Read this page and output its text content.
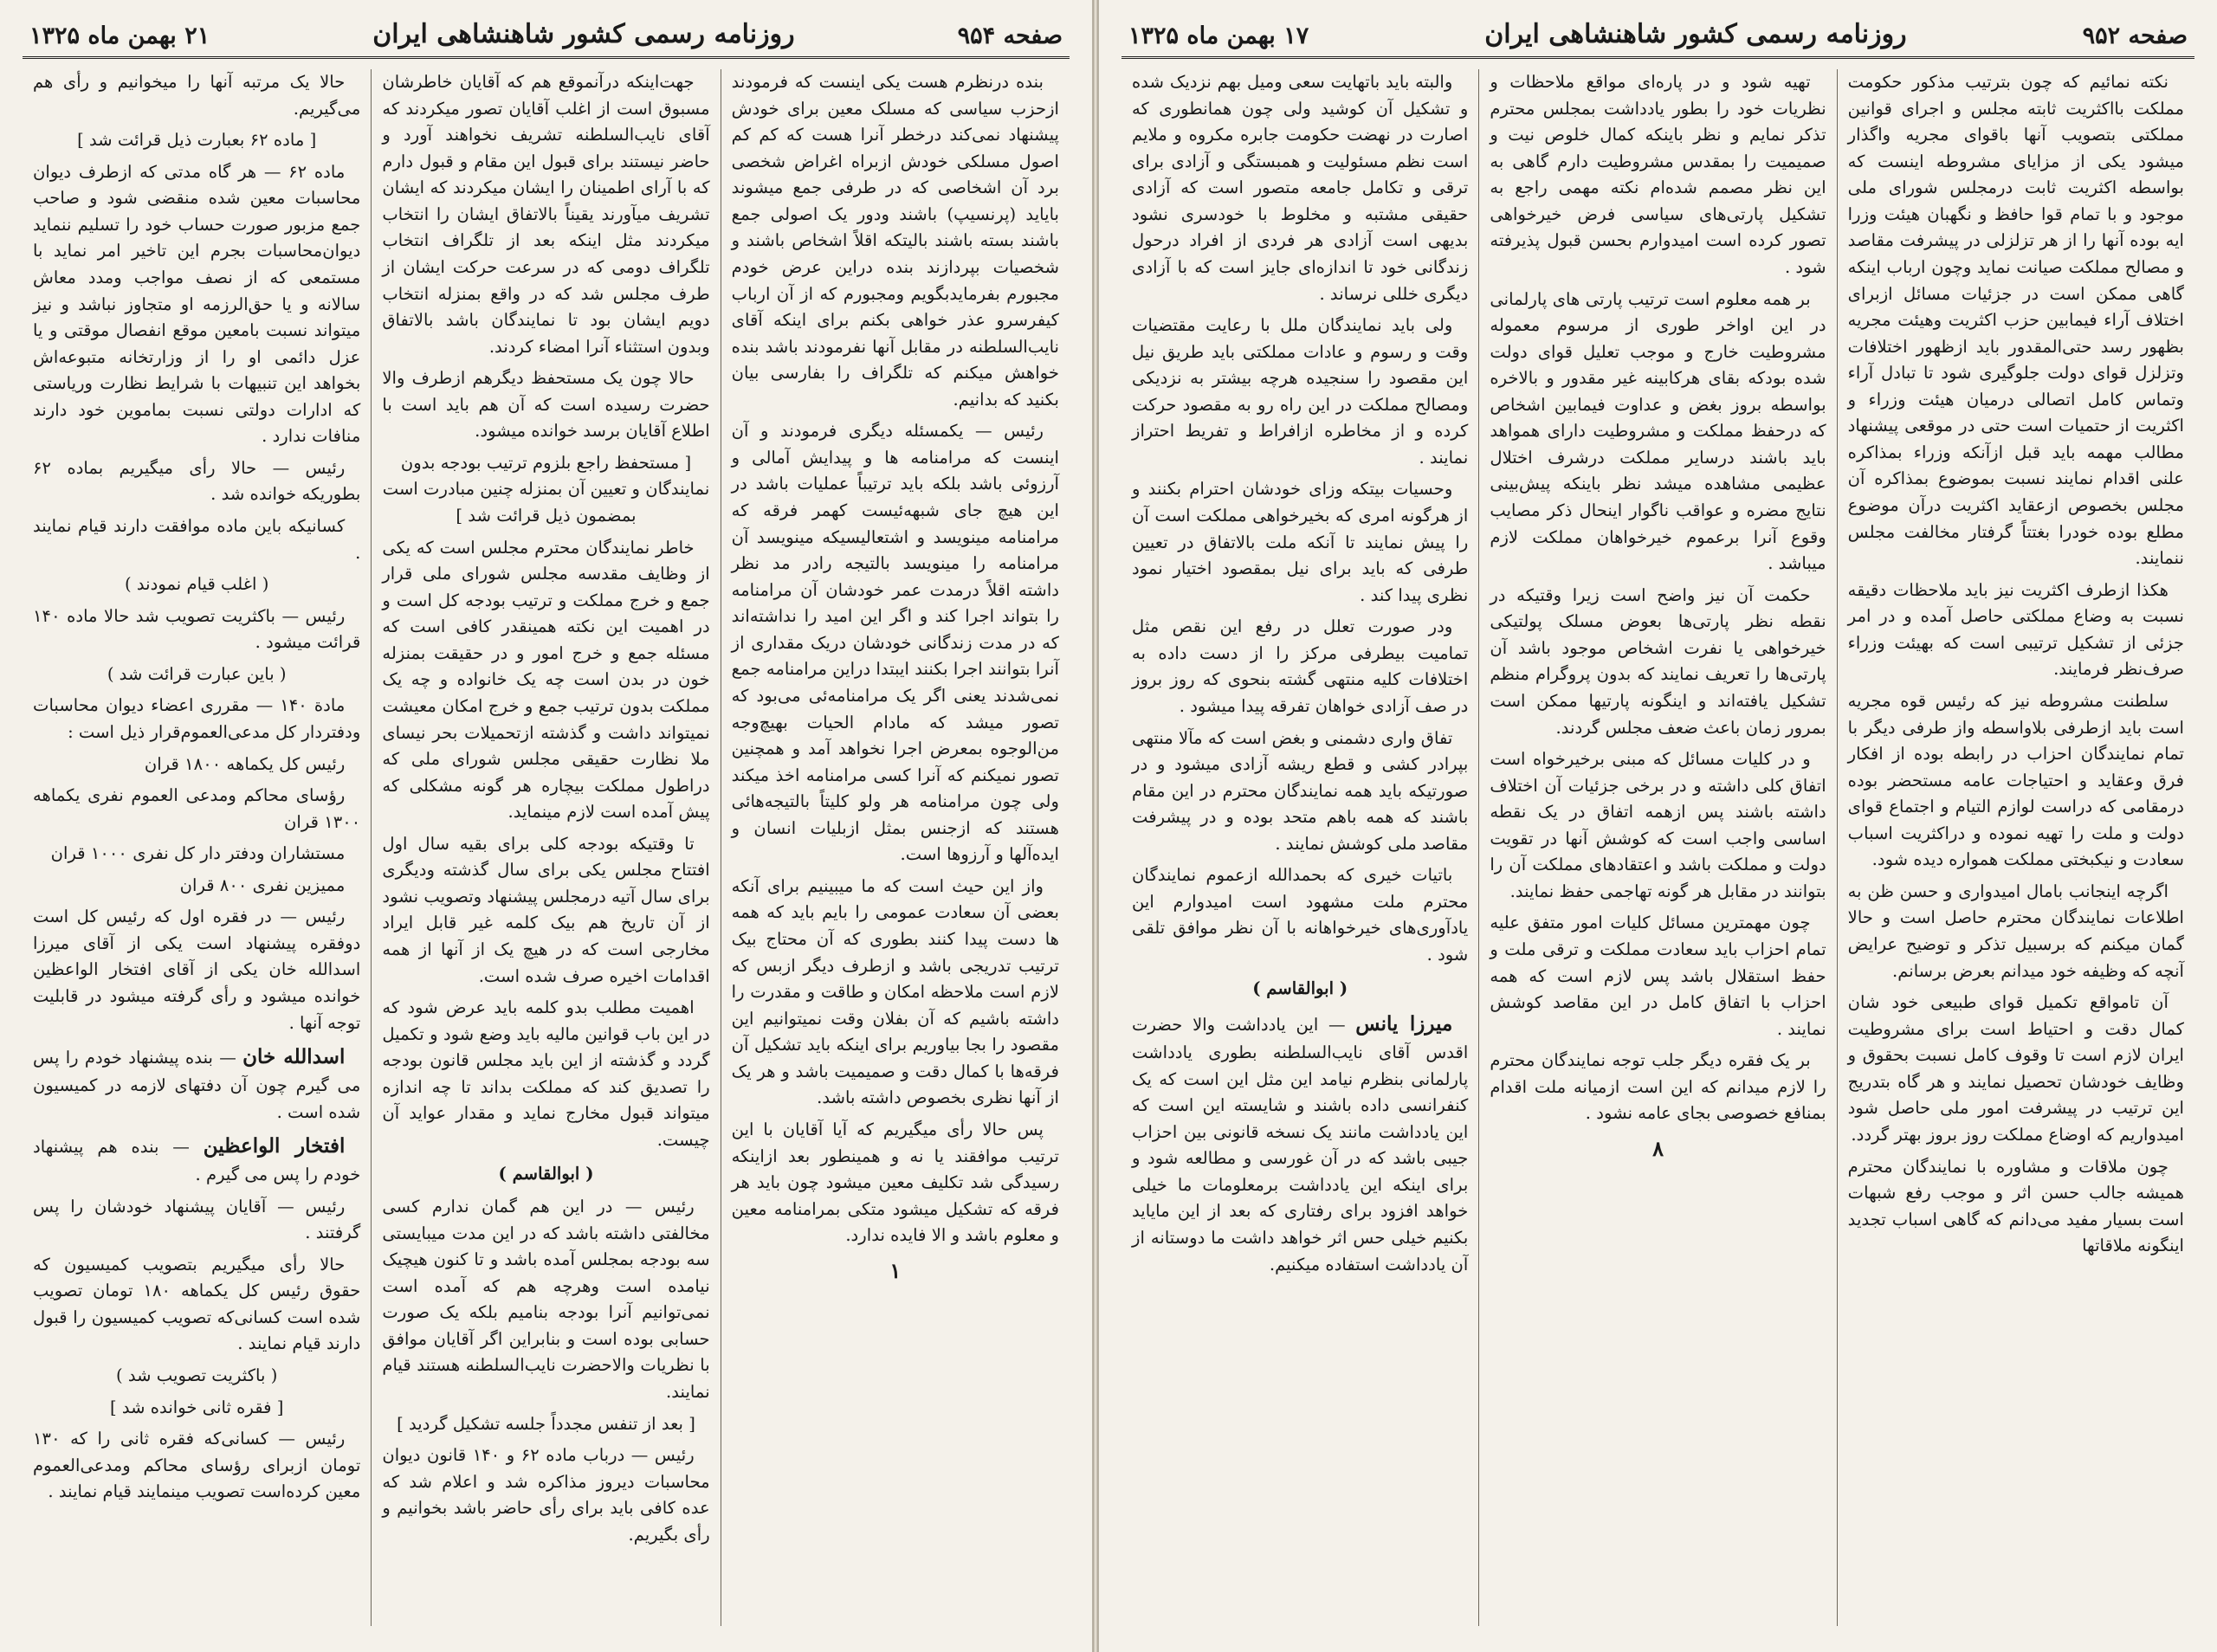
صفحه ۹۵۴
روزنامه رسمی کشور شاهنشاهی ایران
۲۱ بهمن ماه ۱۳۲۵

بنده درنظرم هست یکی اینست که فرمودند ازحزب سیاسی که مسلک معین برای خودش پیشنهاد نمی‌کند درخطر آنرا هست که کم کم اصول مسلکی خودش ازبراه اغراض شخصی برد آن اشخاصی که در طرفی جمع میشوند بایاید (پرنسیپ) باشند ودور یک اصولی جمع باشند بسته باشند بالیتکه اقلاً اشخاص باشند و شخصیات بپردازند بنده دراین عرض خودم مجبورم بفرمایدبگویم ومجبورم که از آن ارباب کیفرسرو عذر خواهی بکنم برای اینکه آقای نایب‌السلطنه در مقابل آنها نفرمودند باشد بنده خواهش میکنم که تلگراف را بفارسی بیان بکنید که بدانیم.

رئیس — یکمسئله دیگری فرمودند و آن اینست که مرامنامه ها و پیدایش آمالی و آرزوئی باشد بلکه باید ترتیباً عملیات باشد در این هیچ جای شبهه‌ئیست کهمر فرقه که مرامنامه مینویسد و اشتعالیسیکه مینویسد آن مرامنامه را مینویسد بالتیجه رادر مد نظر داشته اقلاً درمدت عمر خودشان آن مرامنامه را بتواند اجرا کند و اگر این امید را نداشته‌اند که در مدت زندگانی خودشان دریک مقداری از آنرا بتوانند اجرا بکنند ایبتدا دراین مرامنامه جمع نمی‌شدند یعنی اگر یک مرامنامه‌ئی می‌بود که تصور میشد که مادام الحیات بهیچ‌وجه من‌الوجوه بمعرض اجرا نخواهد آمد و همچنین تصور نمیکنم که آنرا کسی مرامنامه اخذ میکند ولی چون مرامنامه هر ولو کلیتاً بالتیجه‌هائی هستند که ازجنس بمثل ازبلیات انسان و ایده‌آلها و آرزوها است.

واز این حیث است که ما میبینیم برای آنکه بعضی آن سعادت عمومی را بایم باید که همه ها دست پیدا کنند بطوری که آن محتاج بیک ترتیب تدریجی باشد و ازطرف دیگر ازبس که لازم است ملاحظه امکان و طاقت و مقدرت را داشته باشیم که آن بفلان وقت نمیتوانیم این مقصود را بجا بیاوریم برای اینکه باید تشکیل آن فرقه‌ها با کمال دقت و صمیمیت باشد و هر یک از آنها نظری بخصوص داشته باشد.

پس حالا رأی میگیریم که آیا آقایان با این ترتیب موافقند یا نه و همینطور بعد ازاینکه رسیدگی شد تکلیف معین میشود چون باید هر فرقه که تشکیل میشود متکی بمرامنامه معین و معلوم باشد و الا فایده ندارد.

۱

جهت‌اینکه درآنموقع هم که آقایان خاطرشان مسبوق است از اغلب آقایان تصور میکردند که آقای نایب‌السلطنه تشریف نخواهند آورد و حاضر نیستند برای قبول این مقام و قبول دارم که با آرای اطمینان را ایشان میکردند که ایشان تشریف میآورند یقیناً بالاتفاق ایشان را انتخاب میکردند مثل اینکه بعد از تلگراف انتخاب تلگراف دومی که در سرعت حرکت ایشان از طرف مجلس شد که در واقع بمنزله انتخاب دویم ایشان بود تا نمایندگان باشد بالاتفاق وبدون استثناء آنرا امضاء کردند.

حالا چون یک مستحفظ دیگرهم ازطرف والا حضرت رسیده است که آن هم باید است با اطلاع آقایان برسد خوانده میشود.

[ مستحفظ راجع بلزوم ترتیب بودجه بدون نمایندگان و تعیین آن بمنزله چنین مبادرت است بمضمون ذیل قرائت شد ]

خاطر نمایندگان محترم مجلس است که یکی از وظایف مقدسه مجلس شورای ملی قرار جمع و خرج مملکت و ترتیب بودجه کل است و در اهمیت این نکته همینقدر کافی است که مسئله جمع و خرج امور و در حقیقت بمنزله خون در بدن است چه یک خانواده و چه یک مملکت بدون ترتیب جمع و خرج امکان معیشت نمیتواند داشت و گذشته ازتحمیلات بحر نیسای ملا نظارت حقیقی مجلس شورای ملی که دراطول مملکت بیچاره هر گونه مشکلی که پیش آمده است لازم مینماید.

تا وقتیکه بودجه کلی برای بقیه سال اول افتتاح مجلس یکی برای سال گذشته ودیگری برای سال آتیه درمجلس پیشنهاد وتصویب نشود از آن تاریخ هم بیک کلمه غیر قابل ایراد مخارجی است که در هیچ یک از آنها از همه اقدامات اخیره صرف شده است.

اهمیت مطلب بدو کلمه باید عرض شود که در این باب قوانین مالیه باید وضع شود و تکمیل گردد و گذشته از این باید مجلس قانون بودجه را تصدیق کند که مملکت بداند تا چه اندازه میتواند قبول مخارج نماید و مقدار عواید آن چیست.

( ابوالقاسم )

رئیس — در این هم گمان ندارم کسی مخالفتی داشته باشد که در این مدت میبایستی سه بودجه بمجلس آمده باشد و تا کنون هیچیک نیامده است وهرچه هم که آمده است نمی‌توانیم آنرا بودجه بنامیم بلکه یک صورت حسابی بوده است و بنابراین اگر آقایان موافق با نظریات والاحضرت نایب‌السلطنه هستند قیام نمایند.

[ بعد از تنفس مجدداً جلسه تشکیل گردید ]

رئیس — درباب ماده ۶۲ و ۱۴۰ قانون دیوان محاسبات دیروز مذاکره شد و اعلام شد که عده کافی باید برای رأی حاضر باشد بخوانیم و رأی بگیریم.

حالا یک مرتبه آنها را میخوانیم و رأی هم می‌گیریم.

[ ماده ۶۲ بعبارت ذیل قرائت شد ]

ماده ۶۲ — هر گاه مدتی که ازطرف دیوان محاسبات معین شده منقضی شود و صاحب جمع مزبور صورت حساب خود را تسلیم ننماید دیوان‌محاسبات بجرم این تاخیر امر نماید با مستمعی که از نصف مواجب ومدد معاش سالانه و یا حق‌الرزمه او متجاوز نباشد و نیز میتواند نسبت بامعین موقع انفصال موقتی و یا عزل دائمی او را از وزارتخانه متبوعه‌اش بخواهد این تنبیهات با شرایط نظارت وریاستی که ادارات دولتی نسبت بماموین خود دارند منافات ندارد .

رئیس — حالا رأی میگیریم بماده ۶۲ بطوریکه خوانده شد .

کسانیکه باین ماده موافقت دارند قیام نمایند .

( اغلب قیام نمودند )

رئیس — باکثریت تصویب شد حالا ماده ۱۴۰ قرائت میشود .

( باین عبارت قرائت شد )

مادة ۱۴۰ — مقرری اعضاء دیوان محاسبات ودفتردار کل مدعی‌العموم‌قرار ذیل است :

رئیس کل یکماهه ۱۸۰۰ قران

رؤسای محاکم ومدعی العموم نفری یکماهه ۱۳۰۰ قران

مستشاران ودفتر دار کل نفری ۱۰۰۰ قران

ممیزین نفری ۸۰۰ قران

رئیس — در فقره اول که رئیس کل است دوفقره پیشنهاد است یکی از آقای میرزا اسدالله خان یکی از آقای افتخار الواعظین خوانده میشود و رأی گرفته میشود در قابلیت توجه آنها .

اسدالله خان — بنده پیشنهاد خودم را پس می گیرم چون آن دفتهای لازمه در کمیسیون شده است .

افتخار الواعظین — بنده هم پیشنهاد خودم را پس می گیرم .

رئیس — آقایان پیشنهاد خودشان را پس گرفتند .

حالا رأی میگیریم بتصویب کمیسیون که حقوق رئیس کل یکماهه ۱۸۰ تومان تصویب شده است کسانی‌که تصویب کمیسیون را قبول دارند قیام نمایند .

( باکثریت تصویب شد )
[ فقره ثانی خوانده شد ]

رئیس — کسانی‌که فقره ثانی را که ۱۳۰ تومان ازبرای رؤسای محاکم ومدعی‌العموم معین کرده‌است تصویب مینمایند قیام نمایند .

صفحه ۹۵۲
روزنامه رسمی کشور شاهنشاهی ایران
۱۷ بهمن ماه ۱۳۲۵

نکته نمائیم که چون بترتیب مذکور حکومت مملکت بااکثریت ثابته مجلس و اجرای قوانین مملکتی بتصویب آنها باقوای مجریه واگذار میشود یکی از مزایای مشروطه اینست که بواسطه اکثریت ثابت درمجلس شورای ملی موجود و با تمام قوا حافظ و نگهبان هیئت وزرا ایه بوده آنها را از هر تزلزلی در پیشرفت مقاصد و مصالح مملکت صیانت نماید وچون ارباب اینکه گاهی ممکن است در جزئیات مسائل ازبرای اختلاف آراء فیمابین حزب اکثریت وهیئت مجریه بظهور رسد حتی‌المقدور باید ازظهور اختلافات وتزلزل قوای دولت جلوگیری شود تا تبادل آراء وتماس کامل اتصالی درمیان هیئت وزراء و اکثریت از حتمیات است حتی در موقعی پیشنهاد مطالب مهمه باید قبل ازآنکه وزراء بمذاکره علنی اقدام نمایند نسبت بموضوع بمذاکره آن مجلس بخصوص ازعقاید اکثریت درآن موضوع مطلع بوده خودرا بغتتاً گرفتار مخالفت مجلس ننمایند.

هکذا ازطرف اکثریت نیز باید ملاحظات دقیقه نسبت به وضاع مملکتی حاصل آمده و در امر جزئی از تشکیل ترتیبی است که بهیئت وزراء صرف‌نظر فرمایند.

سلطنت مشروطه نیز که رئیس قوه مجریه است باید ازطرفی بلاواسطه واز طرفی دیگر با تمام نمایندگان احزاب در رابطه بوده از افکار فرق وعقاید و احتیاجات عامه مستحضر بوده درمقامی که دراست لوازم التیام و اجتماع قوای دولت و ملت را تهیه نموده و دراکثریت اسباب سعادت و نیکبختی مملکت همواره دیده شود.

اگرچه اینجانب بامال امیدواری و حسن ظن به اطلاعات نمایندگان محترم حاصل است و حالا گمان میکنم که برسبیل تذکر و توضیح عرایض آنچه که وظیفه خود میدانم بعرض برسانم.

آن تامواقع تکمیل قوای طبیعی خود شان کمال دقت و احتیاط است برای مشروطیت ایران لازم است تا وقوف کامل نسبت بحقوق و وظایف خودشان تحصیل نمایند و هر گاه بتدریج این ترتیب در پیشرفت امور ملی حاصل شود امیدواریم که اوضاع مملکت روز بروز بهتر گردد.

چون ملاقات و مشاوره با نمایندگان محترم همیشه جالب حسن اثر و موجب رفع شبهات است بسیار مفید می‌دانم که گاهی اسباب تجدید اینگونه ملاقاتها

تهیه شود و در پاره‌ای مواقع ملاحظات و نظریات خود را بطور یادداشت بمجلس محترم تذکر نمایم و نظر باینکه کمال خلوص نیت و صمیمیت را بمقدس مشروطیت دارم گاهی به این نظر مصمم شده‌ام نکته مهمی راجع به تشکیل پارتی‌های سیاسی فرض خیرخواهی تصور کرده است امیدوارم بحسن قبول پذیرفته شود .

بر همه معلوم است ترتیب پارتی های پارلمانی در این اواخر طوری از مرسوم معموله مشروطیت خارج و موجب تعلیل قوای دولت شده بودکه بقای هرکابینه غیر مقدور و بالاخره بواسطه بروز بغض و عداوت فیمابین اشخاص که درحفظ مملکت و مشروطیت دارای همواهد باید باشند درسایر مملکت درشرف اختلال عظیمی مشاهده میشد نظر باینکه پیش‌بینی نتایج مضره و عواقب ناگوار اینحال ذکر مصایب وقوع آنرا برعموم خیرخواهان مملکت لازم میباشد .

حکمت آن نیز واضح است زیرا وقتیکه در نقطه نظر پارتی‌ها بعوض مسلک پولتیکی خیرخواهی یا نفرت اشخاص موجود باشد آن پارتی‌ها را تعریف نمایند که بدون پروگرام منظم تشکیل یافته‌اند و اینگونه پارتیها ممکن است بمرور زمان باعث ضعف مجلس گردند.

و در کلیات مسائل که مبنی برخیرخواه است اتفاق کلی داشته و در برخی جزئیات آن اختلاف داشته باشند پس ازهمه اتفاق در یک نقطه اساسی واجب است که کوشش آنها در تقویت دولت و مملکت باشد و اعتقادهای مملکت آن را بتوانند در مقابل هر گونه تهاجمی حفظ نمایند.

چون مهمترین مسائل کلیات امور متفق علیه تمام احزاب باید سعادت مملکت و ترقی ملت و حفظ استقلال باشد پس لازم است که همه احزاب با اتفاق کامل در این مقاصد کوشش نمایند .

بر یک فقره دیگر جلب توجه نمایندگان محترم را لازم میدانم که این است ازمیانه ملت اقدام بمنافع خصوصی بجای عامه نشود .

۸

والبته باید باتهایت سعی ومیل بهم نزدیک شده و تشکیل آن کوشید ولی چون همانطوری که اصارت در نهضت حکومت جابره مکروه و ملایم است نظم مسئولیت و همبستگی و آزادی برای ترقی و تکامل جامعه متصور است که آزادی حقیقی مشتبه و مخلوط با خودسری نشود بدیهی است آزادی هر فردی از افراد درحول زندگانی خود تا اندازه‌ای جایز است که با آزادی دیگری خللی نرساند .

ولی باید نمایندگان ملل با رعایت مقتضیات وقت و رسوم و عادات مملکتی باید طریق نیل این مقصود را سنجیده هرچه بیشتر به نزدیکی ومصالح مملکت در این راه رو به مقصود حرکت کرده و از مخاطره ازافراط و تفریط احتراز نمایند .

وحسیات بیتکه وزای خودشان احترام بکنند و از هرگونه امری که بخیرخواهی مملکت است آن را پیش نمایند تا آنکه ملت بالاتفاق در تعیین طرفی که باید برای نیل بمقصود اختیار نمود نظری پیدا کند .

ودر صورت تعلل در رفع این نقص مثل تمامیت بیطرفی مرکز را از دست داده به اختلافات کلیه منتهی گشته بنحوی که روز بروز در صف آزادی خواهان تفرقه پیدا میشود .

تفاق واری دشمنی و بغض است که مآلا منتهی بپرادر کشی و قطع ریشه آزادی میشود و در صورتیکه باید همه نمایندگان محترم در این مقام باشند که همه باهم متحد بوده و در پیشرفت مقاصد ملی کوشش نمایند .

باتیات خیری که بحمدالله ازعموم نمایندگان محترم ملت مشهود است امیدوارم این یادآوری‌های خیرخواهانه با آن نظر موافق تلقی شود .

( ابوالقاسم )

میرزا یانس — این یادداشت والا حضرت اقدس آقای نایب‌السلطنه بطوری یادداشت پارلمانی بنظرم نیامد این مثل این است که یک کنفرانسی داده باشند و شایسته این است که این یادداشت مانند یک نسخه قانونی بین احزاب جیبی باشد که در آن غورسی و مطالعه شود و برای اینکه این یادداشت برمعلومات ما خیلی خواهد افزود برای رفتاری که بعد از این مایاید بکنیم خیلی حس اثر خواهد داشت ما دوستانه از آن یادداشت استفاده میکنیم.
